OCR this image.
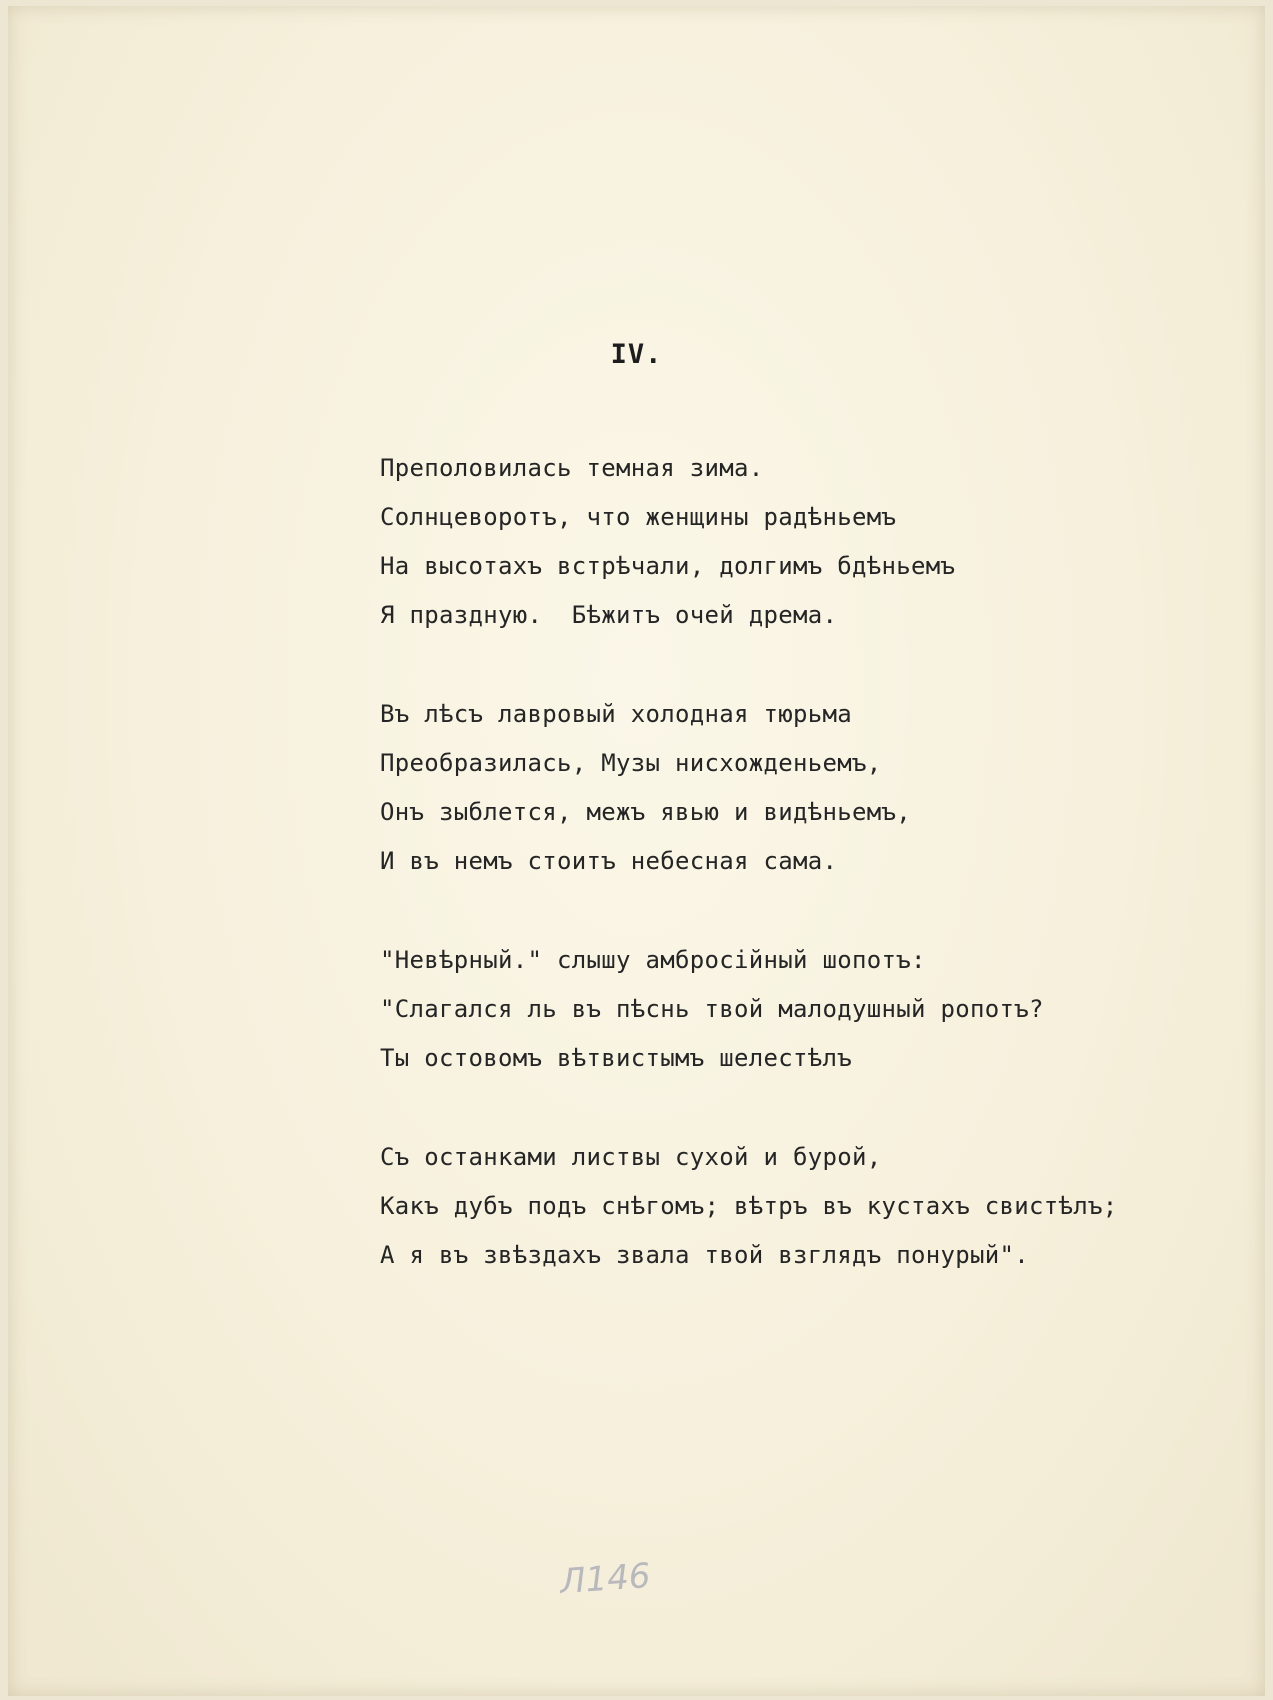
IV.
Преполовилась темная зима.
Солнцеворотъ, что женщины радѣньемъ
На высотахъ встрѣчали, долгимъ бдѣньемъ
Я праздную.  Бѣжитъ очей дрема.
Въ лѣсъ лавровый холодная тюрьма
Преобразилась, Музы нисхожденьемъ,
Онъ зыблется, межъ явью и видѣньемъ,
И въ немъ стоитъ небесная сама.
"Невѣрный." слышу амбросiйный шопотъ:
"Слагался ль въ пѣснь твой малодушный ропотъ?
Ты остовомъ вѣтвистымъ шелестѣлъ
Съ останками листвы сухой и бурой,
Какъ дубъ подъ снѣгомъ; вѣтръ въ кустахъ свистѣлъ;
А я въ звѣздахъ звала твой взглядъ понурый".
Л146
